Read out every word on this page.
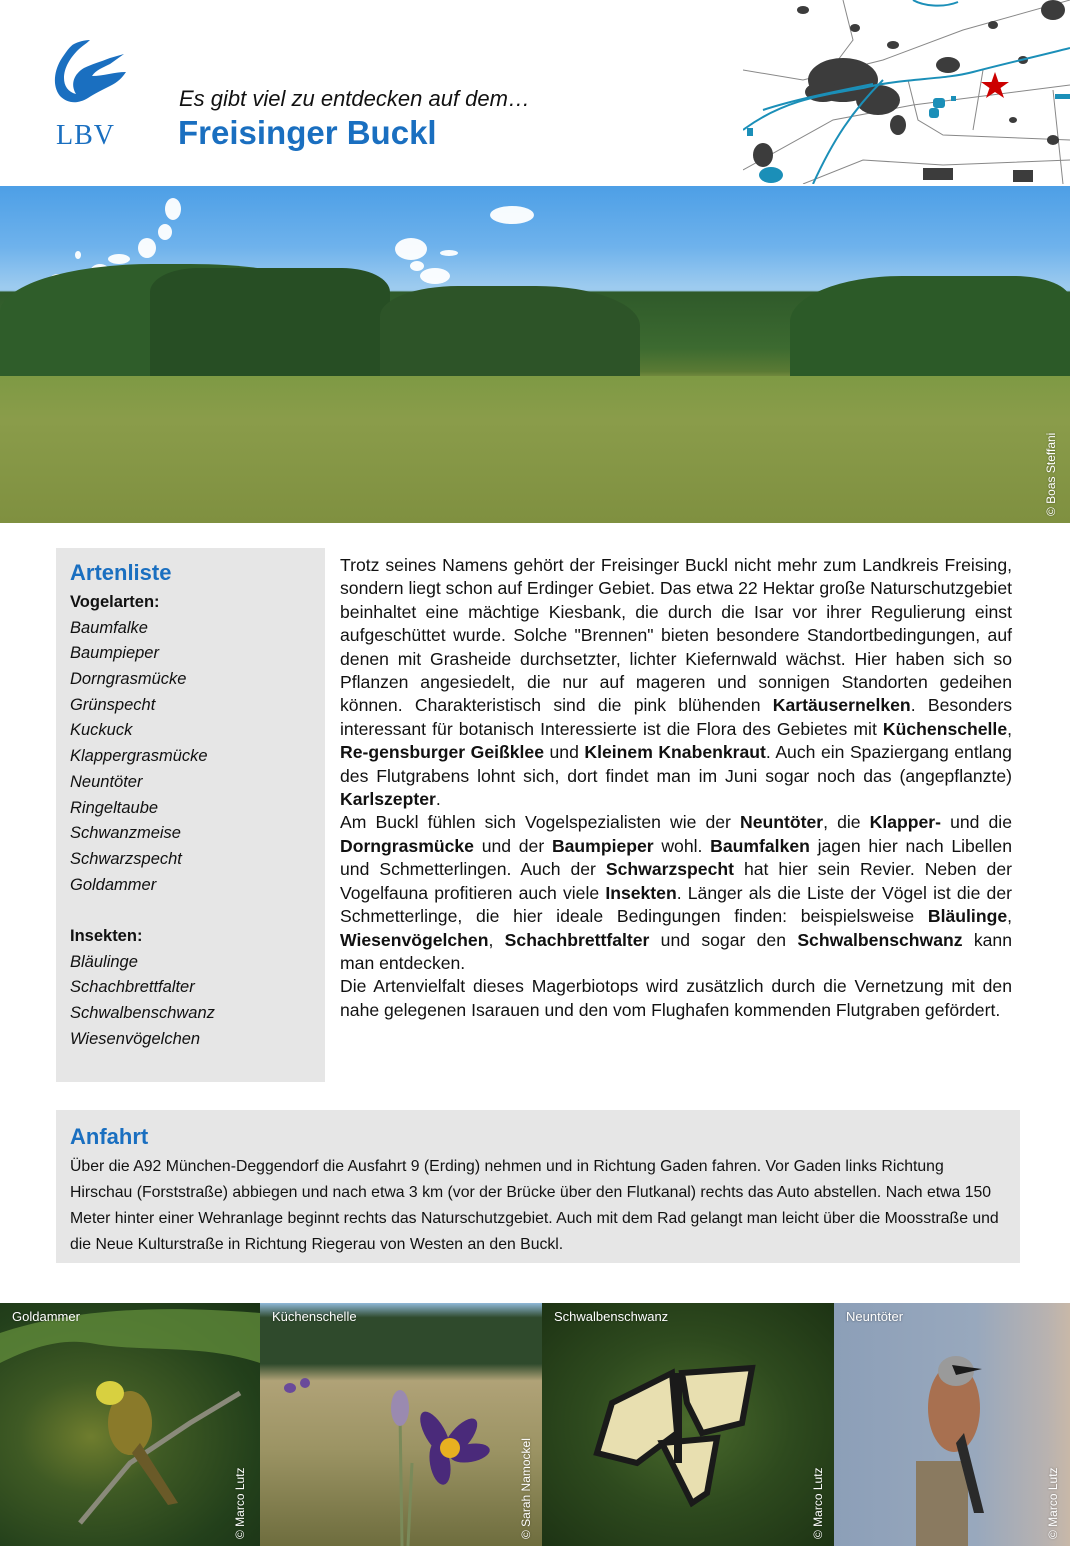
LBV
Es gibt viel zu entdecken auf dem…
Freisinger Buckl
© Boas Steffani
Artenliste
Vogelarten:
Baumfalke
Baumpieper
Dorngrasmücke
Grünspecht
Kuckuck
Klappergrasmücke
Neuntöter
Ringeltaube
Schwanzmeise
Schwarzspecht
Goldammer
Insekten:
Bläulinge
Schachbrettfalter
Schwalbenschwanz
Wiesenvögelchen

Trotz seines Namens gehört der Freisinger Buckl nicht mehr zum Landkreis Freising, sondern liegt schon auf Erdinger Gebiet. Das etwa 22 Hektar große Naturschutzgebiet beinhaltet eine mächtige Kiesbank, die durch die Isar vor ihrer Regulierung einst aufgeschüttet wurde. Solche "Brennen" bieten besondere Standortbedingungen, auf denen mit Grasheide durchsetzter, lichter Kiefernwald wächst. Hier haben sich so Pflanzen angesiedelt, die nur auf mageren und sonnigen Standorten gedeihen können. Charakteristisch sind die pink blühenden Kartäusernelken. Besonders interessant für botanisch Interessierte ist die Flora des Gebietes mit Küchenschelle, Re-gensburger Geißklee und Kleinem Knabenkraut. Auch ein Spaziergang entlang des Flutgrabens lohnt sich, dort findet man im Juni sogar noch das (angepflanzte) Karlszepter.

Am Buckl fühlen sich Vogelspezialisten wie der Neuntöter, die Klapper- und die Dorngrasmücke und der Baumpieper wohl. Baumfalken jagen hier nach Libellen und Schmetterlingen. Auch der Schwarzspecht hat hier sein Revier. Neben der Vogelfauna profitieren auch viele Insekten. Länger als die Liste der Vögel ist die der Schmetterlinge, die hier ideale Bedingungen finden: beispielsweise Bläulinge, Wiesenvögelchen, Schachbrettfalter und sogar den Schwalbenschwanz kann man entdecken.

Die Artenvielfalt dieses Magerbiotops wird zusätzlich durch die Vernetzung mit den nahe gelegenen Isarauen und den vom Flughafen kommenden Flutgraben gefördert.

Anfahrt
Über die A92 München-Deggendorf die Ausfahrt 9 (Erding) nehmen und in Richtung Gaden fahren. Vor Gaden links Richtung Hirschau (Forststraße) abbiegen und nach etwa 3 km (vor der Brücke über den Flutkanal) rechts das Auto abstellen. Nach etwa 150 Meter hinter einer Wehranlage beginnt rechts das Naturschutzgebiet. Auch mit dem Rad gelangt man leicht über die Moosstraße und die Neue Kulturstraße in Richtung Riegerau von Westen an den Buckl.
Goldammer
© Marco Lutz
Küchenschelle
© Sarah Namockel
Schwalbenschwanz
© Marco Lutz
Neuntöter
© Marco Lutz
